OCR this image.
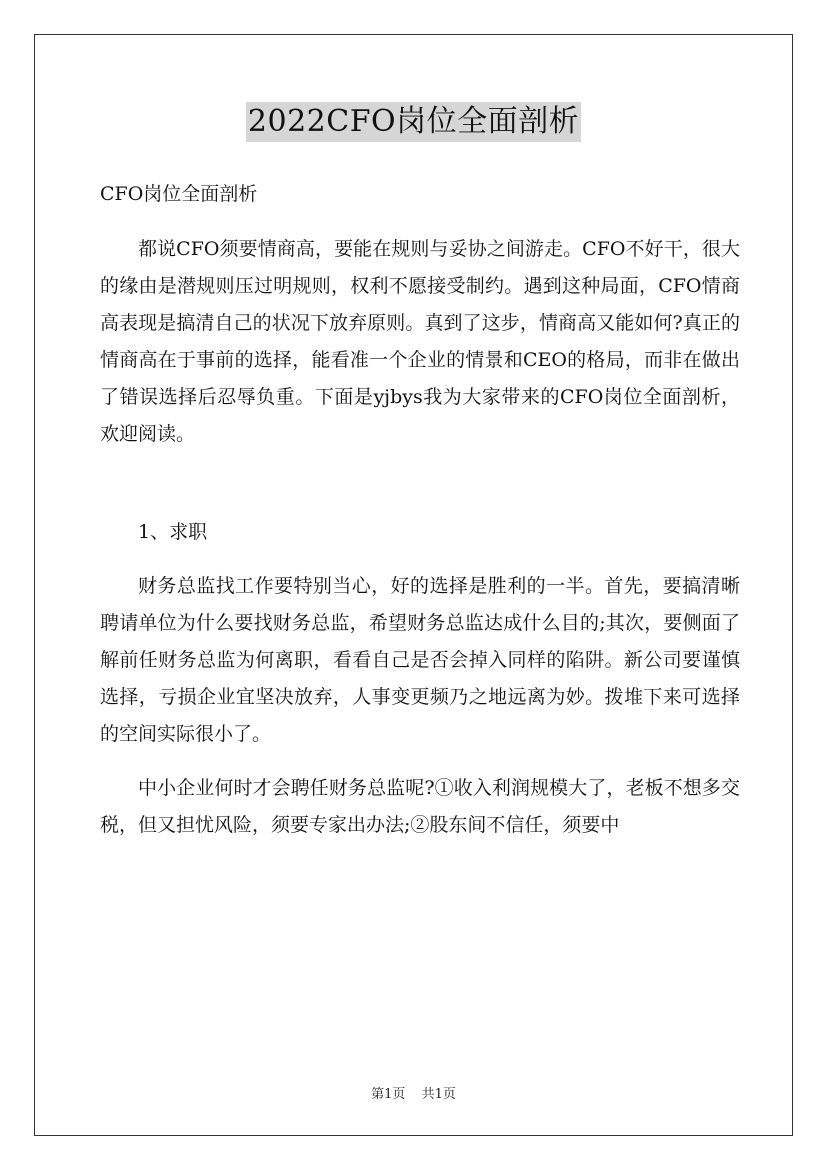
2022CFO岗位全面剖析

CFO岗位全面剖析

都说CFO须要情商高，要能在规则与妥协之间游走。CFO不好干，很大的缘由是潜规则压过明规则，权利不愿接受制约。遇到这种局面，CFO情商高表现是搞清自己的状况下放弃原则。真到了这步，情商高又能如何?真正的情商高在于事前的选择，能看准一个企业的情景和CEO的格局，而非在做出了错误选择后忍辱负重。下面是yjbys我为大家带来的CFO岗位全面剖析，欢迎阅读。

1、求职

财务总监找工作要特别当心，好的选择是胜利的一半。首先，要搞清晰聘请单位为什么要找财务总监，希望财务总监达成什么目的;其次，要侧面了解前任财务总监为何离职，看看自己是否会掉入同样的陷阱。新公司要谨慎选择，亏损企业宜坚决放弃，人事变更频乃之地远离为妙。拨堆下来可选择的空间实际很小了。

中小企业何时才会聘任财务总监呢?①收入利润规模大了，老板不想多交税，但又担忧风险，须要专家出办法;②股东间不信任，须要中

第1页 共1页
